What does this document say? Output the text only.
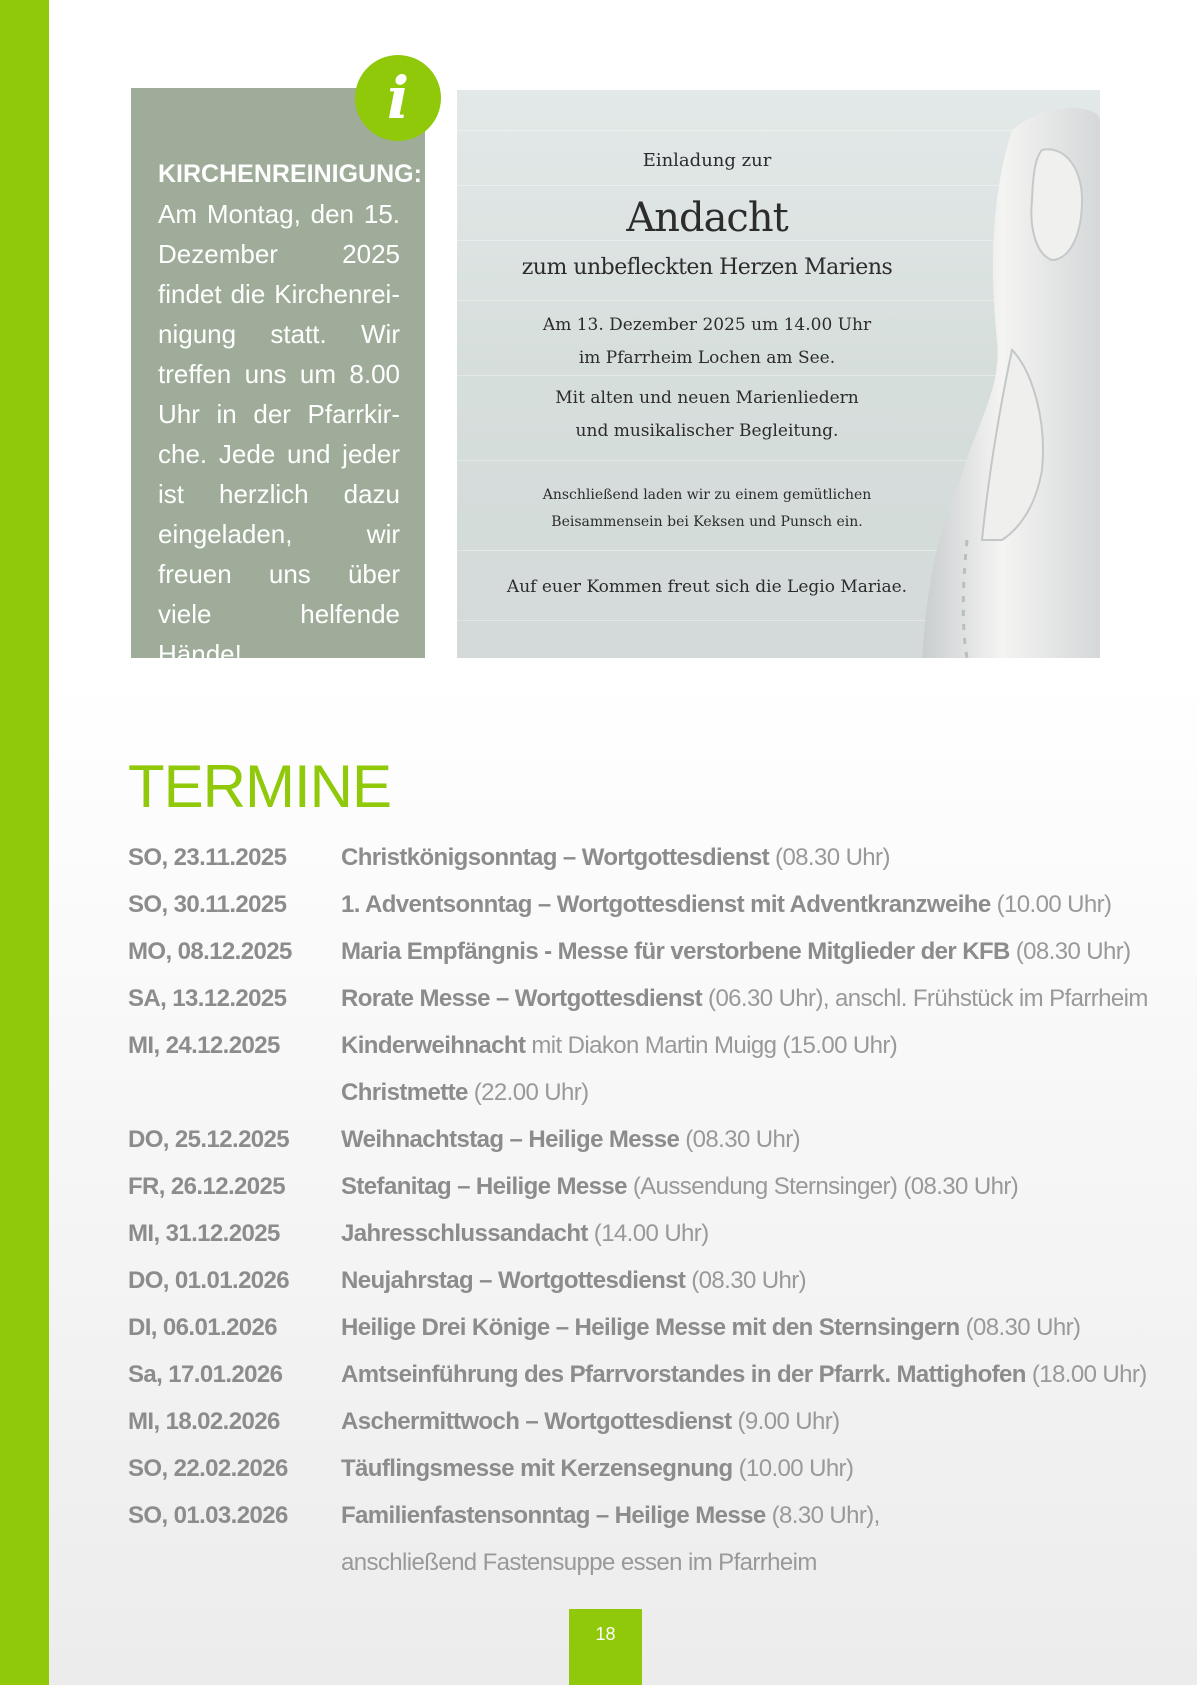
KIRCHENREINIGUNG:
Am Montag, den 15. Dezember 2025 findet die Kirchenreinigung statt. Wir treffen uns um 8.00 Uhr in der Pfarrkirche. Jede und jeder ist herzlich dazu eingeladen, wir freuen uns über viele helfende Hände!
i
Einladung zur
Andacht
zum unbefleckten Herzen Mariens
Am 13. Dezember 2025 um 14.00 Uhr
im Pfarrheim Lochen am See.
Mit alten und neuen Marienliedern
und musikalischer Begleitung.
Anschließend laden wir zu einem gemütlichen
Beisammensein bei Keksen und Punsch ein.
Auf euer Kommen freut sich die Legio Mariae.
TERMINE
SO, 23.11.2025	Christkönigsonntag – Wortgottesdienst (08.30 Uhr)
SO, 30.11.2025	1. Adventsonntag – Wortgottesdienst mit Adventkranzweihe (10.00 Uhr)
MO, 08.12.2025	Maria Empfängnis - Messe für verstorbene Mitglieder der KFB (08.30 Uhr)
SA, 13.12.2025	Rorate Messe – Wortgottesdienst (06.30 Uhr), anschl. Frühstück im Pfarrheim
MI, 24.12.2025	Kinderweihnacht mit Diakon Martin Muigg (15.00 Uhr)
Christmette (22.00 Uhr)
DO, 25.12.2025	Weihnachtstag – Heilige Messe (08.30 Uhr)
FR, 26.12.2025	Stefanitag – Heilige Messe (Aussendung Sternsinger) (08.30 Uhr)
MI, 31.12.2025	Jahresschlussandacht (14.00 Uhr)
DO, 01.01.2026	Neujahrstag – Wortgottesdienst (08.30 Uhr)
DI, 06.01.2026	Heilige Drei Könige – Heilige Messe mit den Sternsingern (08.30 Uhr)
Sa, 17.01.2026	Amtseinführung des Pfarrvorstandes in der Pfarrk. Mattighofen (18.00 Uhr)
MI, 18.02.2026	Aschermittwoch – Wortgottesdienst (9.00 Uhr)
SO, 22.02.2026	Täuflingsmesse mit Kerzensegnung (10.00 Uhr)
SO, 01.03.2026	Familienfastensonntag – Heilige Messe (8.30 Uhr),
anschließend Fastensuppe essen im Pfarrheim
18
